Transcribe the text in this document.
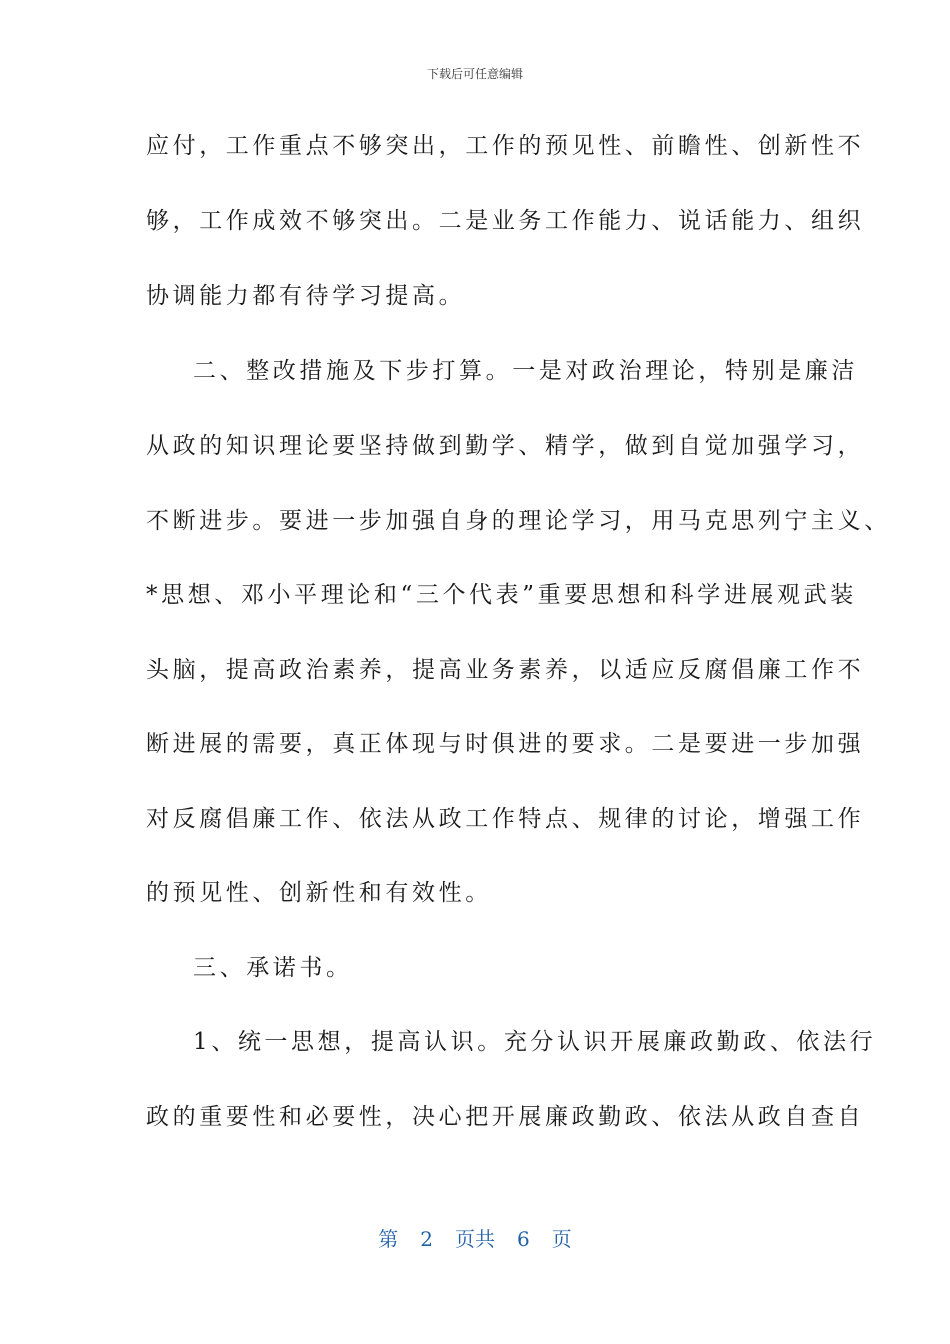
下载后可任意编辑
应付，工作重点不够突出，工作的预见性、前瞻性、创新性不
够，工作成效不够突出。二是业务工作能力、说话能力、组织
协调能力都有待学习提高。
二、整改措施及下步打算。一是对政治理论，特别是廉洁
从政的知识理论要坚持做到勤学、精学，做到自觉加强学习，
不断进步。要进一步加强自身的理论学习，用马克思列宁主义、
*思想、邓小平理论和“三个代表”重要思想和科学进展观武装
头脑，提高政治素养，提高业务素养，以适应反腐倡廉工作不
断进展的需要，真正体现与时俱进的要求。二是要进一步加强
对反腐倡廉工作、依法从政工作特点、规律的讨论，增强工作
的预见性、创新性和有效性。
三、承诺书。
1、统一思想，提高认识。充分认识开展廉政勤政、依法行
政的重要性和必要性，决心把开展廉政勤政、依法从政自查自
第 2 页共 6 页
